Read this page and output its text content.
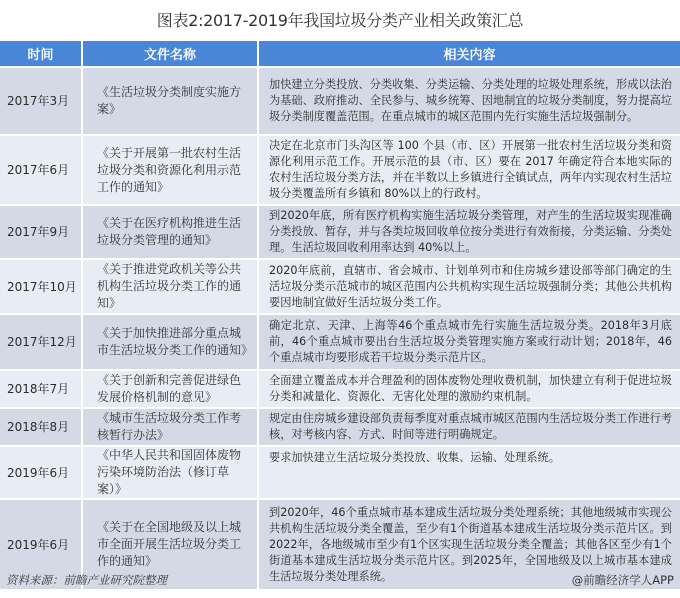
图表2:2017-2019年我国垃圾分类产业相关政策汇总
时间	文件名称	相关内容
2017年3月	《生活垃圾分类制度实施方案》	加快建立分类投放、分类收集、分类运输、分类处理的垃圾处理系统，形成以法治为基础、政府推动、全民参与、城乡统筹、因地制宜的垃圾分类制度，努力提高垃圾分类制度覆盖范围。在重点城市的城区范围内先行实施生活垃圾强制分。
2017年6月	《关于开展第一批农村生活垃圾分类和资源化利用示范工作的通知》	决定在北京市门头沟区等 100 个县（市、区）开展第一批农村生活垃圾分类和资源化利用示范工作。开展示范的县（市、区）要在 2017 年确定符合本地实际的农村生活垃圾分类方法，并在半数以上乡镇进行全镇试点，两年内实现农村生活垃圾分类覆盖所有乡镇和 80%以上的行政村。
2017年9月	《关于在医疗机构推进生活垃圾分类管理的通知》	到2020年底，所有医疗机构实施生活垃圾分类管理，对产生的生活垃圾实现准确分类投放、暂存，并与各类垃圾回收单位按分类进行有效衔接，分类运输、分类处理。生活垃圾回收利用率达到 40%以上。
2017年10月	《关于推进党政机关等公共机构生活垃圾分类工作的通知》	2020年底前，直辖市、省会城市、计划单列市和住房城乡建设部等部门确定的生活垃圾分类示范城市的城区范围内公共机构实现生活垃圾强制分类；其他公共机构要因地制宜做好生活垃圾分类工作。
2017年12月	《关于加快推进部分重点城市生活垃圾分类工作的通知》	确定北京、天津、上海等46个重点城市先行实施生活垃圾分类。2018年3月底前，46个重点城市要出台生活垃圾分类管理实施方案或行动计划；2018年，46个重点城市均要形成若干垃圾分类示范片区。
2018年7月	《关于创新和完善促进绿色发展价格机制的意见》	全面建立覆盖成本并合理盈利的固体废物处理收费机制，加快建立有利于促进垃圾分类和减量化、资源化、无害化处理的激励约束机制。
2018年8月	《城市生活垃圾分类工作考核暂行办法》	规定由住房城乡建设部负责每季度对重点城市城区范围内生活垃圾分类工作进行考核，对考核内容、方式、时间等进行明确规定。
2019年6月	《中华人民共和国固体废物污染环境防治法（修订草案）》	要求加快建立生活垃圾分类投放、收集、运输、处理系统。
2019年6月	《关于在全国地级及以上城市全面开展生活垃圾分类工作的通知》	到2020年，46个重点城市基本建成生活垃圾分类处理系统；其他地级城市实现公共机构生活垃圾分类全覆盖，至少有1个街道基本建成生活垃圾分类示范片区。到2022年，各地级城市至少有1个区实现生活垃圾分类全覆盖；其他各区至少有1个街道基本建成生活垃圾分类示范片区。到2025年，全国地级及以上城市基本建成生活垃圾分类处理系统。
资料来源：前瞻产业研究院整理	@前瞻经济学人APP
